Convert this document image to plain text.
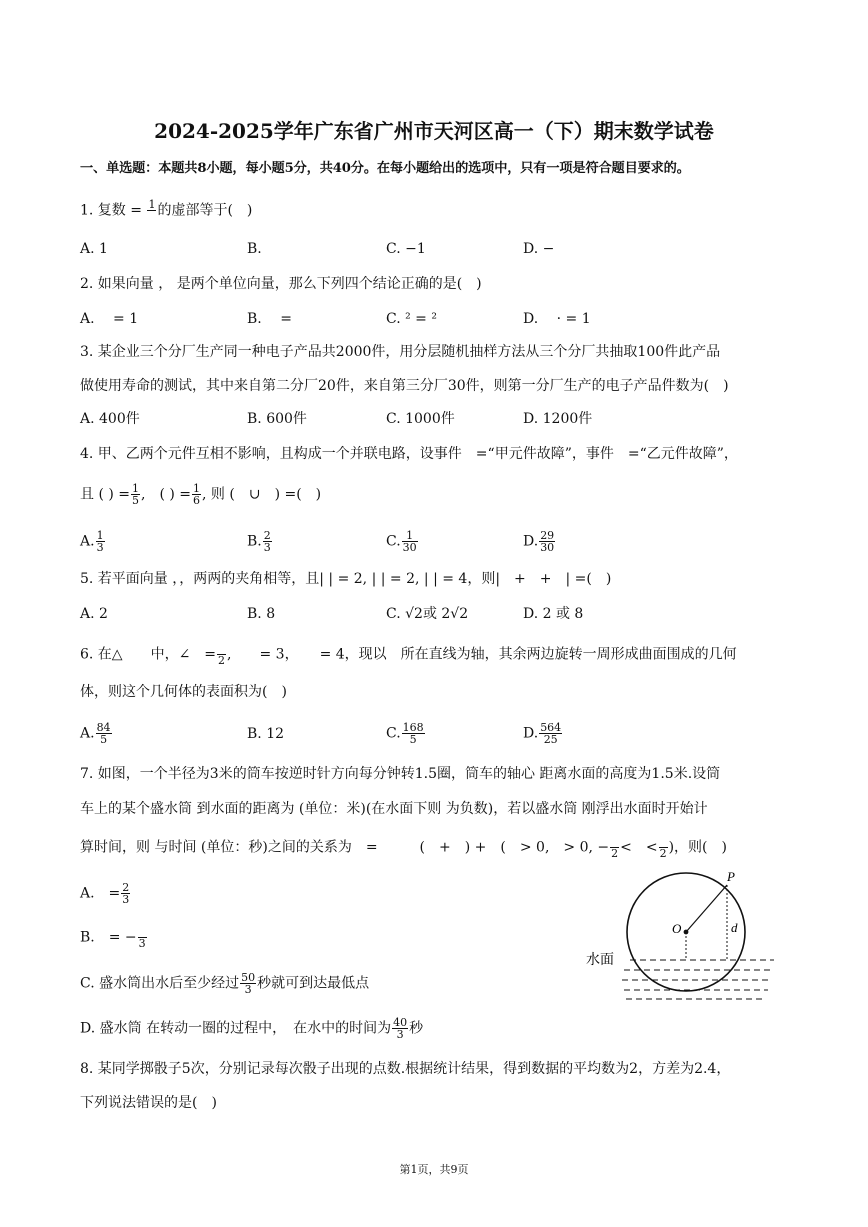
2024-2025学年广东省广州市天河区高一（下）期末数学试卷
一、单选题：本题共8小题，每小题5分，共40分。在每小题给出的选项中，只有一项是符合题目要求的。
1. 复数 = 1 的虚部等于(　)
A. 1	B.	C. −1	D. −
2. 如果向量 ， 是两个单位向量，那么下列四个结论正确的是(　)
A. 　= 1	B. 　=	C. ² = ²	D. 　· = 1
3. 某企业三个分厂生产同一种电子产品共2000件，用分层随机抽样方法从三个分厂共抽取100件此产品
做使用寿命的测试，其中来自第二分厂20件，来自第三分厂30件，则第一分厂生产的电子产品件数为(　)
A. 400件	B. 600件	C. 1000件	D. 1200件
4. 甲、乙两个元件互相不影响，且构成一个并联电路，设事件　=“甲元件故障”，事件　=“乙元件故障”，
且 ( ) = $\frac{1}{5}$ ,　( ) = $\frac{1}{6}$ , 则 (　∪　) =(　)
A. $\frac{1}{3}$	B. $\frac{2}{3}$	C. $\frac{1}{30}$	D. $\frac{29}{30}$
5. 若平面向量 ，，两两的夹角相等，且| | = 2, | | = 2, | | = 4，则|　+　+　| =(　)
A. 2	B. 8	C. √2或 2√2	D. 2 或 8
6. 在△　　中，∠　= 2 ,　　= 3，　　= 4，现以　所在直线为轴，其余两边旋转一周形成曲面围成的几何
体，则这个几何体的表面积为(　)
A. $\frac{84}{5}$	B. 12	C. $\frac{168}{5}$	D. $\frac{564}{25}$
7. 如图，一个半径为3米的筒车按逆时针方向每分钟转1.5圈，筒车的轴心 距离水面的高度为1.5米.设筒
车上的某个盛水筒 到水面的距离为 (单位：米)(在水面下则 为负数)，若以盛水筒 刚浮出水面时开始计
算时间，则 与时间 (单位：秒)之间的关系为　=　　　(　+　) +　(　> 0,　> 0, − 2 <　< 2 )，则(　)
A.　= $\frac{2}{3}$
B.　= − 3
C. 盛水筒出水后至少经过 $\frac{50}{3}$ 秒就可到达最低点
D. 盛水筒 在转动一圈的过程中，　在水中的时间为 $\frac{40}{3}$ 秒
P
O	d
水面
8. 某同学掷骰子5次，分别记录每次骰子出现的点数.根据统计结果，得到数据的平均数为2，方差为2.4，
下列说法错误的是(　)
第1页，共9页
